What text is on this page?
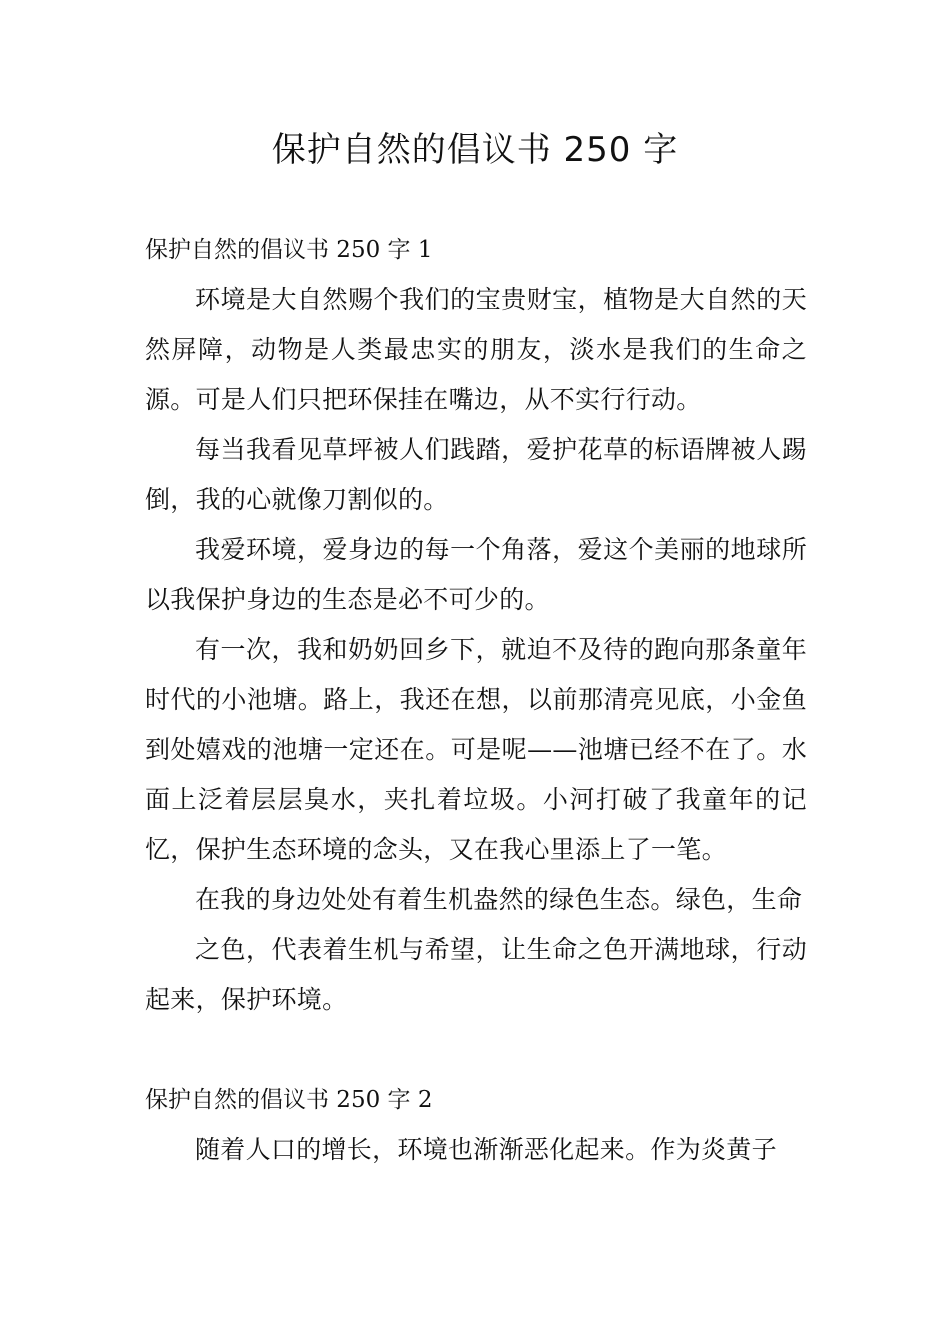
保护自然的倡议书 250 字
保护自然的倡议书 250 字 1

环境是大自然赐个我们的宝贵财宝，植物是大自然的天然屏障，动物是人类最忠实的朋友，淡水是我们的生命之源。可是人们只把环保挂在嘴边，从不实行行动。

每当我看见草坪被人们践踏，爱护花草的标语牌被人踢倒，我的心就像刀割似的。

我爱环境，爱身边的每一个角落，爱这个美丽的地球所以我保护身边的生态是必不可少的。

有一次，我和奶奶回乡下，就迫不及待的跑向那条童年时代的小池塘。路上，我还在想，以前那清亮见底，小金鱼到处嬉戏的池塘一定还在。可是呢——池塘已经不在了。水面上泛着层层臭水，夹扎着垃圾。小河打破了我童年的记忆，保护生态环境的念头，又在我心里添上了一笔。

在我的身边处处有着生机盎然的绿色生态。绿色，生命

之色，代表着生机与希望，让生命之色开满地球，行动起来，保护环境。

保护自然的倡议书 250 字 2

随着人口的增长，环境也渐渐恶化起来。作为炎黄子
